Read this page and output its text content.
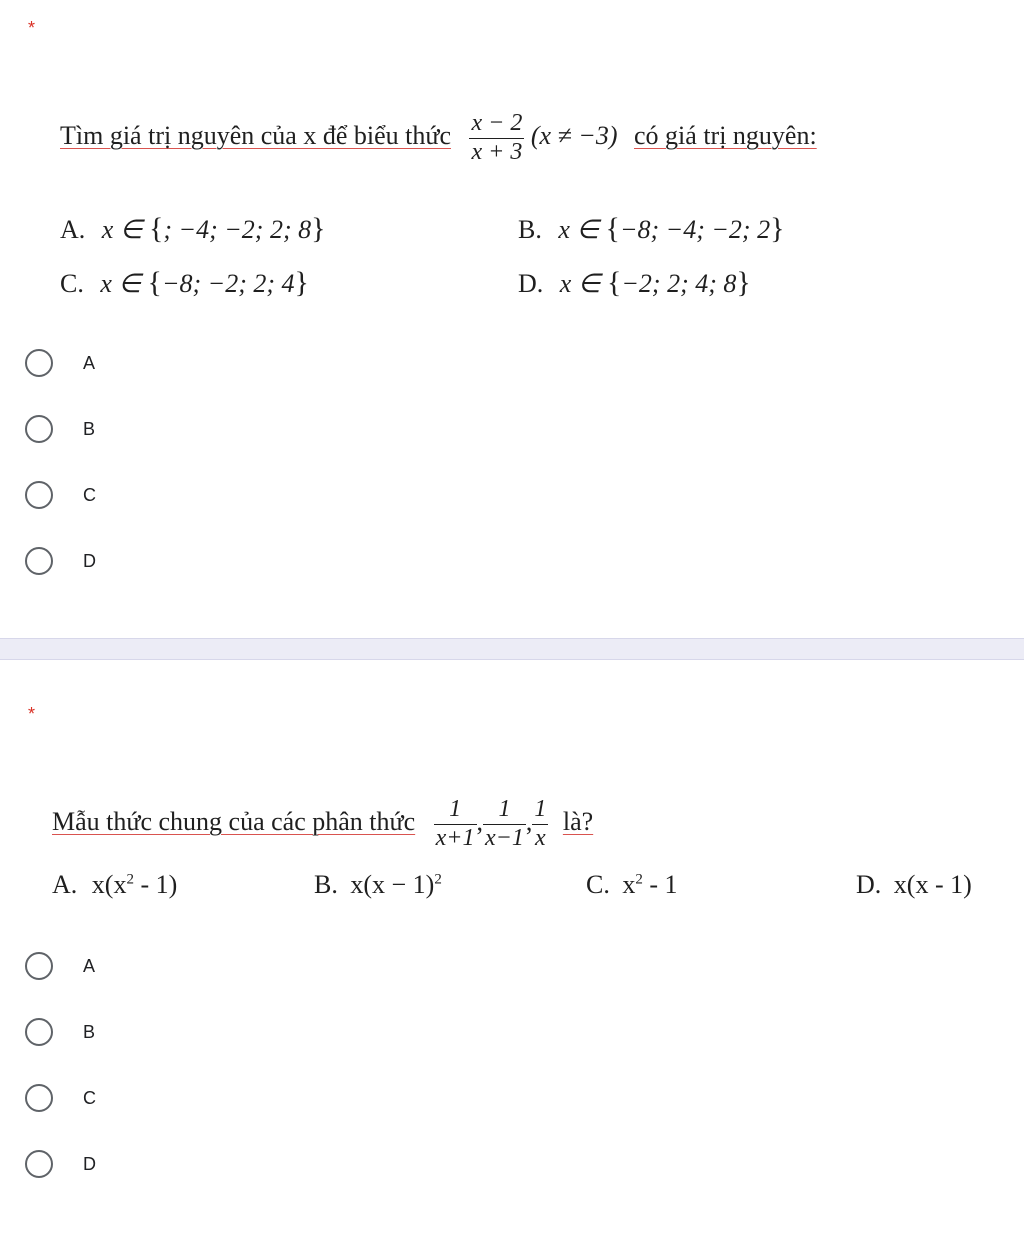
*
Tìm giá trị nguyên của x để biểu thức $\frac{x - 2}{x + 3} (x \ne -3)$ có giá trị nguyên:
A. x ∈ {; −4; −2; 2; 8}	B. x ∈ {−8; −4; −2; 2}
C. x ∈ {−8; −2; 2; 4}	D. x ∈ {−2; 2; 4; 8}
A
B
C
D
*
Mẫu thức chung của các phân thức $\frac{1}{x+1}$ , $\frac{1}{x-1}$ , $\frac{1}{x}$ là?
A. $x(x^2 - 1)$	B. $x(x - 1)^2$	C. $x^2 - 1$	D. x(x - 1)
A
B
C
D
